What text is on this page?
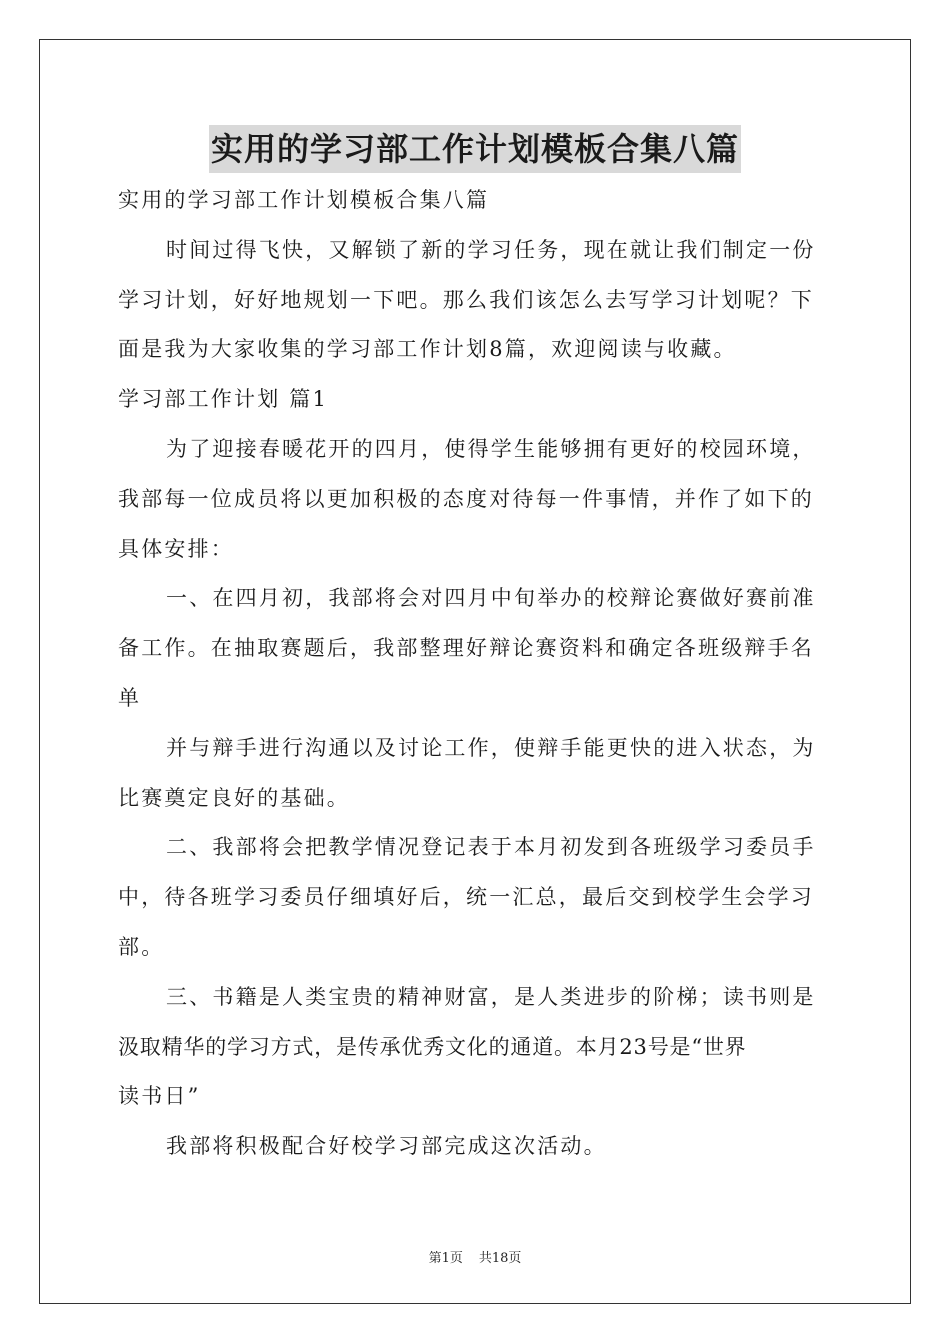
实用的学习部工作计划模板合集八篇
实用的学习部工作计划模板合集八篇
时间过得飞快，又解锁了新的学习任务，现在就让我们制定一份
学习计划，好好地规划一下吧。那么我们该怎么去写学习计划呢？下
面是我为大家收集的学习部工作计划8篇，欢迎阅读与收藏。
学习部工作计划 篇1
为了迎接春暖花开的四月，使得学生能够拥有更好的校园环境，
我部每一位成员将以更加积极的态度对待每一件事情，并作了如下的
具体安排：
一、在四月初，我部将会对四月中旬举办的校辩论赛做好赛前准
备工作。在抽取赛题后，我部整理好辩论赛资料和确定各班级辩手名
单
并与辩手进行沟通以及讨论工作，使辩手能更快的进入状态，为
比赛奠定良好的基础。
二、我部将会把教学情况登记表于本月初发到各班级学习委员手
中，待各班学习委员仔细填好后，统一汇总，最后交到校学生会学习
部。
三、书籍是人类宝贵的精神财富，是人类进步的阶梯；读书则是
汲取精华的学习方式，是传承优秀文化的通道。本月23号是“世界
读书日”
我部将积极配合好校学习部完成这次活动。
第1页 共18页
